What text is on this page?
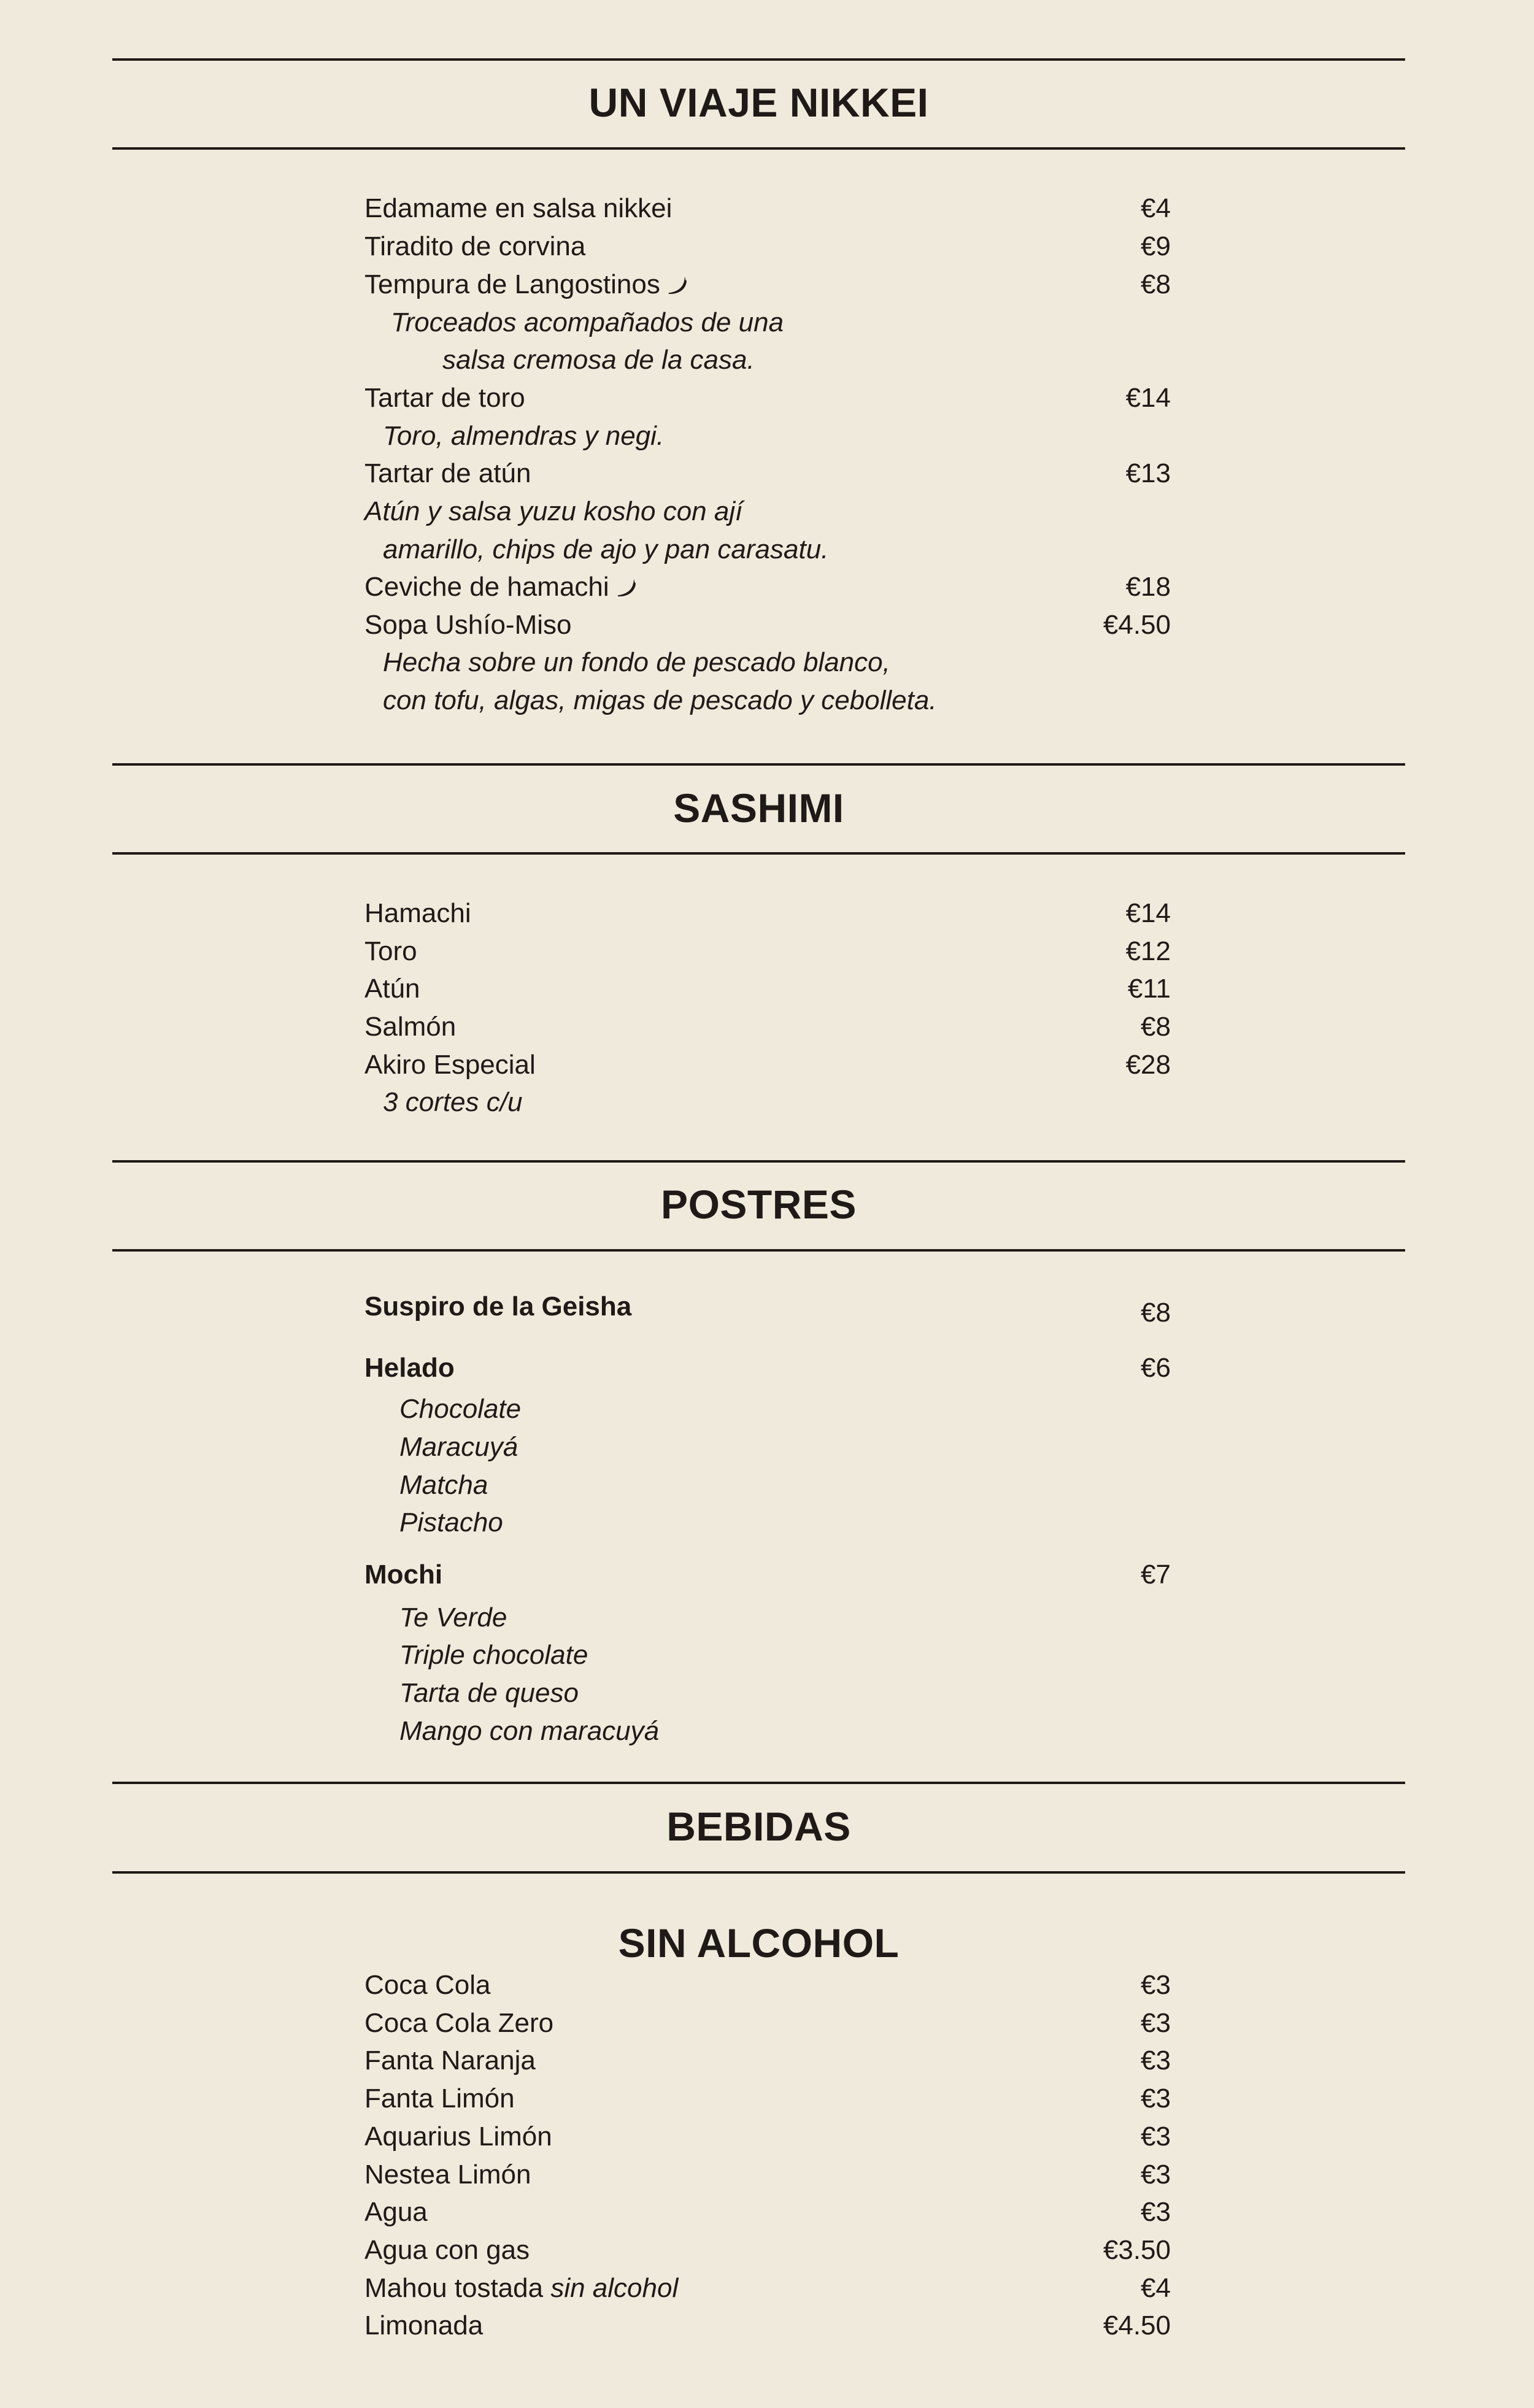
UN VIAJE NIKKEI
Edamame en salsa nikkei	€4
Tiradito de corvina	€9
Tempura de Langostinos	€8
Troceados acompañados de una
salsa cremosa de la casa.
Tartar de toro	€14
Toro, almendras y negi.
Tartar de atún	€13
Atún y salsa yuzu kosho con ají
amarillo, chips de ajo y pan carasatu.
Ceviche de hamachi	€18
Sopa Ushío-Miso	€4.50
Hecha sobre un fondo de pescado blanco,
con tofu, algas, migas de pescado y cebolleta.
SASHIMI
Hamachi	€14
Toro	€12
Atún	€11
Salmón	€8
Akiro Especial	€28
3 cortes c/u
POSTRES
Suspiro de la Geisha	€8
Helado	€6
Chocolate
Maracuyá
Matcha
Pistacho
Mochi	€7
Te Verde
Triple chocolate
Tarta de queso
Mango con maracuyá
BEBIDAS
SIN ALCOHOL
Coca Cola	€3
Coca Cola Zero	€3
Fanta Naranja	€3
Fanta Limón	€3
Aquarius Limón	€3
Nestea Limón	€3
Agua	€3
Agua con gas	€3.50
Mahou tostada sin alcohol	€4
Limonada	€4.50
